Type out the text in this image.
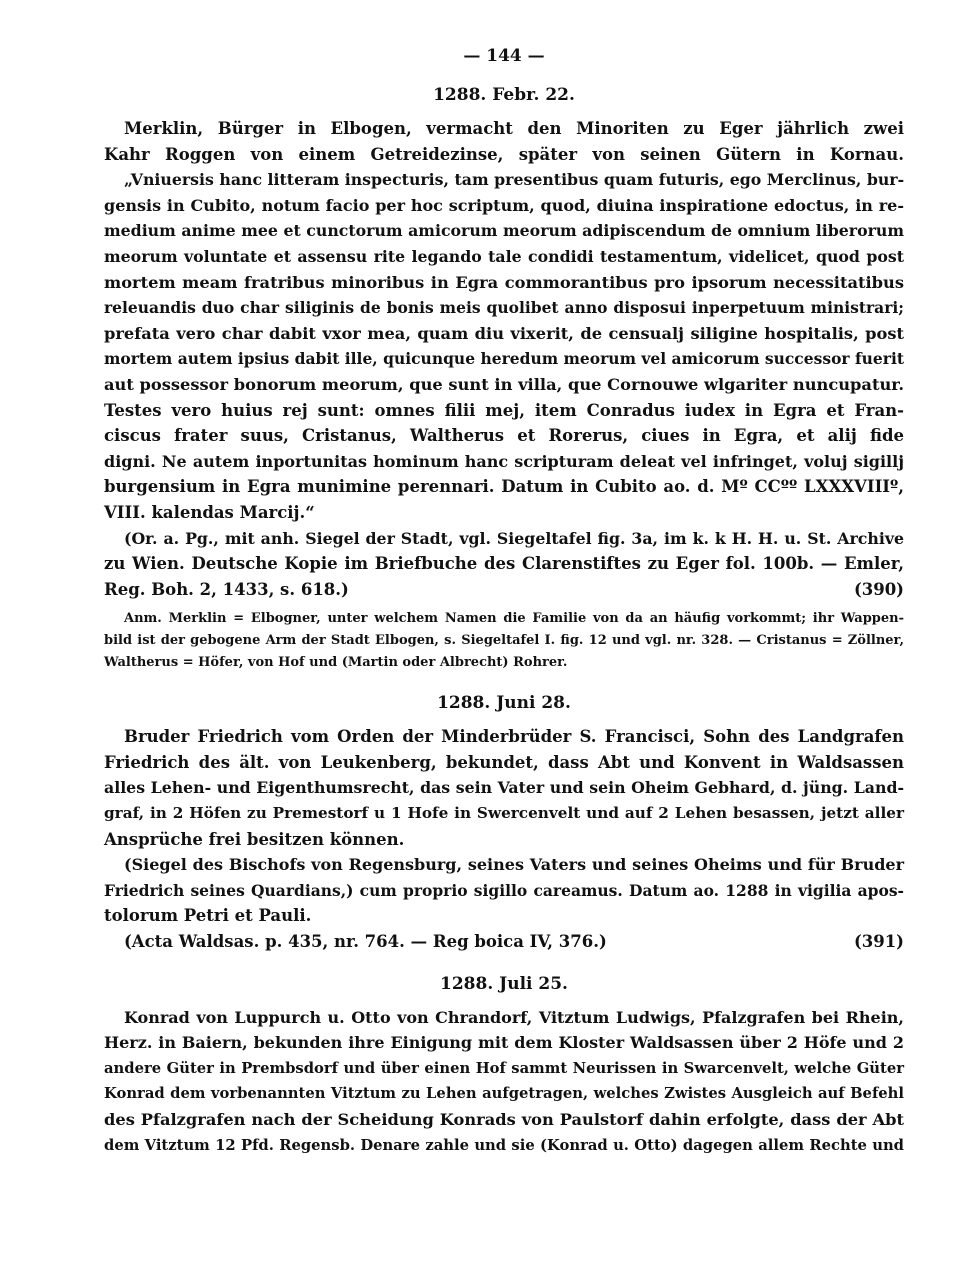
— 144 —
1288. Febr. 22.
Merklin, Bürger in Elbogen, vermacht den Minoriten zu Eger jährlich zwei
Kahr Roggen von einem Getreidezinse, später von seinen Gütern in Kornau.
„Vniuersis hanc litteram inspecturis, tam presentibus quam futuris, ego Merclinus, bur-
gensis in Cubito, notum facio per hoc scriptum, quod, diuina inspiratione edoctus, in re-
medium anime mee et cunctorum amicorum meorum adipiscendum de omnium liberorum
meorum voluntate et assensu rite legando tale condidi testamentum, videlicet, quod post
mortem meam fratribus minoribus in Egra commorantibus pro ipsorum necessitatibus
releuandis duo char siliginis de bonis meis quolibet anno disposui inperpetuum ministrari;
prefata vero char dabit vxor mea, quam diu vixerit, de censualj siligine hospitalis, post
mortem autem ipsius dabit ille, quicunque heredum meorum vel amicorum successor fuerit
aut possessor bonorum meorum, que sunt in villa, que Cornouwe wlgariter nuncupatur.
Testes vero huius rej sunt: omnes filii mej, item Conradus iudex in Egra et Fran-
ciscus frater suus, Cristanus, Waltherus et Rorerus, ciues in Egra, et alij fide
digni. Ne autem inportunitas hominum hanc scripturam deleat vel infringet, voluj sigillj
burgensium in Egra munimine perennari. Datum in Cubito ao. d. Mº CCºº LXXXVIIIº,
VIII. kalendas Marcij.“
(Or. a. Pg., mit anh. Siegel der Stadt, vgl. Siegeltafel fig. 3a, im k. k H. H. u. St. Archive
zu Wien. Deutsche Kopie im Briefbuche des Clarenstiftes zu Eger fol. 100b. — Emler,
Reg. Boh. 2, 1433, s. 618.)	(390)
Anm. Merklin = Elbogner, unter welchem Namen die Familie von da an häufig vorkommt; ihr Wappen-
bild ist der gebogene Arm der Stadt Elbogen, s. Siegeltafel I. fig. 12 und vgl. nr. 328. — Cristanus = Zöllner,
Waltherus = Höfer, von Hof und (Martin oder Albrecht) Rohrer.
1288. Juni 28.
Bruder Friedrich vom Orden der Minderbrüder S. Francisci, Sohn des Landgrafen
Friedrich des ält. von Leukenberg, bekundet, dass Abt und Konvent in Waldsassen
alles Lehen- und Eigenthumsrecht, das sein Vater und sein Oheim Gebhard, d. jüng. Land-
graf, in 2 Höfen zu Premestorf u 1 Hofe in Swercenvelt und auf 2 Lehen besassen, jetzt aller
Ansprüche frei besitzen können.
(Siegel des Bischofs von Regensburg, seines Vaters und seines Oheims und für Bruder
Friedrich seines Quardians,) cum proprio sigillo careamus. Datum ao. 1288 in vigilia apos-
tolorum Petri et Pauli.
(Acta Waldsas. p. 435, nr. 764. — Reg boica IV, 376.)	(391)
1288. Juli 25.
Konrad von Luppurch u. Otto von Chrandorf, Vitztum Ludwigs, Pfalzgrafen bei Rhein,
Herz. in Baiern, bekunden ihre Einigung mit dem Kloster Waldsassen über 2 Höfe und 2
andere Güter in Prembsdorf und über einen Hof sammt Neurissen in Swarcenvelt, welche Güter
Konrad dem vorbenannten Vitztum zu Lehen aufgetragen, welches Zwistes Ausgleich auf Befehl
des Pfalzgrafen nach der Scheidung Konrads von Paulstorf dahin erfolgte, dass der Abt
dem Vitztum 12 Pfd. Regensb. Denare zahle und sie (Konrad u. Otto) dagegen allem Rechte und
